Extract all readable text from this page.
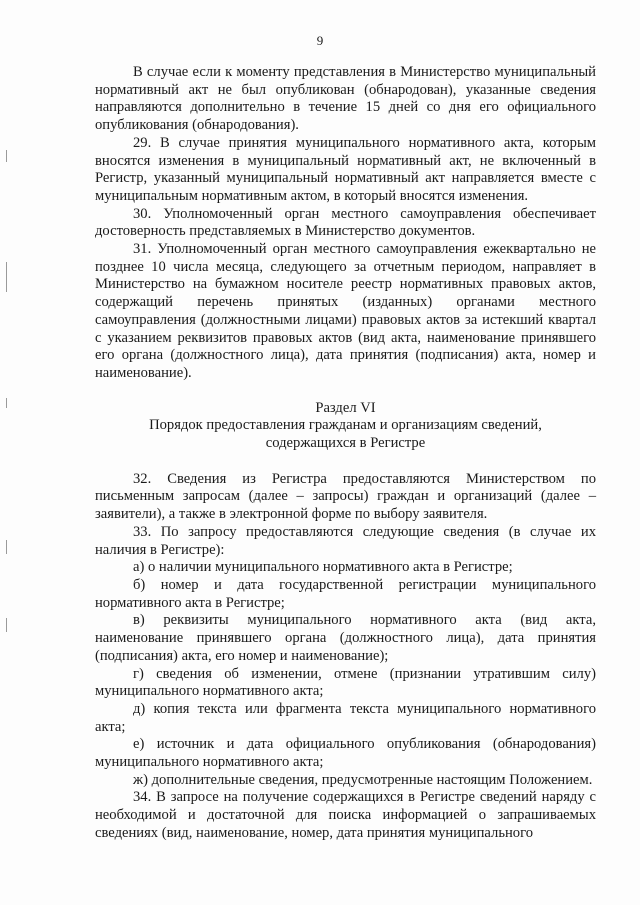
9

В случае если к моменту представления в Министерство муниципальный нормативный акт не был опубликован (обнародован), указанные сведения направляются дополнительно в течение 15 дней со дня его официального опубликования (обнародования).

29. В случае принятия муниципального нормативного акта, которым вносятся изменения в муниципальный нормативный акт, не включенный в Регистр, указанный муниципальный нормативный акт направляется вместе с муниципальным нормативным актом, в который вносятся изменения.

30. Уполномоченный орган местного самоуправления обеспечивает достоверность представляемых в Министерство документов.

31. Уполномоченный орган местного самоуправления ежеквартально не позднее 10 числа месяца, следующего за отчетным периодом, направляет в Министерство на бумажном носителе реестр нормативных правовых актов, содержащий перечень принятых (изданных) органами местного самоуправления (должностными лицами) правовых актов за истекший квартал с указанием реквизитов правовых актов (вид акта, наименование принявшего его органа (должностного лица), дата принятия (подписания) акта, номер и наименование).

Раздел VI
Порядок предоставления гражданам и организациям сведений,
содержащихся в Регистре

32. Сведения из Регистра предоставляются Министерством по письменным запросам (далее – запросы) граждан и организаций (далее – заявители), а также в электронной форме по выбору заявителя.

33. По запросу предоставляются следующие сведения (в случае их наличия в Регистре):

а) о наличии муниципального нормативного акта в Регистре;

б) номер и дата государственной регистрации муниципального нормативного акта в Регистре;

в) реквизиты муниципального нормативного акта (вид акта, наименование принявшего органа (должностного лица), дата принятия (подписания) акта, его номер и наименование);

г) сведения об изменении, отмене (признании утратившим силу) муниципального нормативного акта;

д) копия текста или фрагмента текста муниципального нормативного акта;

е) источник и дата официального опубликования (обнародования) муниципального нормативного акта;

ж) дополнительные сведения, предусмотренные настоящим Положением.

34. В запросе на получение содержащихся в Регистре сведений наряду с необходимой и достаточной для поиска информацией о запрашиваемых сведениях (вид, наименование, номер, дата принятия муниципального
